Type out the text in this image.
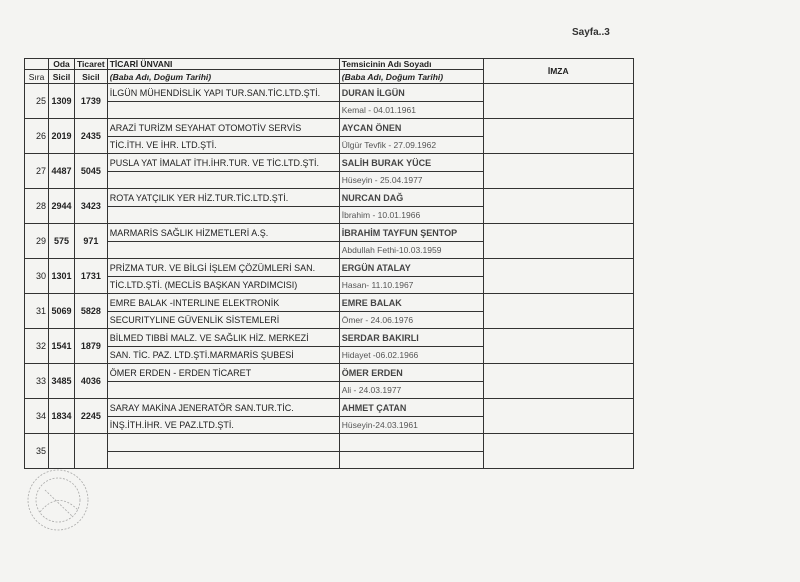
Sayfa..3
	Oda	Ticaret	TİCARİ ÜNVANI	Temsicinin Adı Soyadı	İMZA
Sıra	Sicil	Sicil	(Baba Adı, Doğum Tarihi)	(Baba Adı, Doğum Tarihi)	
25	1309	1739	İLGÜN MÜHENDİSLİK YAPI TUR.SAN.TİC.LTD.ŞTİ.	DURAN İLGÜN	
				Kemal - 04.01.1961	
26	2019	2435	ARAZİ TURİZM SEYAHAT OTOMOTİV SERVİS	AYCAN ÖNEN	
			TİC.İTH. VE İHR. LTD.ŞTİ.	Ülgür Tevfik - 27.09.1962	
27	4487	5045	PUSLA YAT İMALAT İTH.İHR.TUR. VE TİC.LTD.ŞTİ.	SALİH BURAK YÜCE	
				Hüseyin - 25.04.1977	
28	2944	3423	ROTA YATÇILIK YER HİZ.TUR.TİC.LTD.ŞTİ.	NURCAN DAĞ	
				İbrahim - 10.01.1966	
29	575	971	MARMARİS SAĞLIK HİZMETLERİ A.Ş.	İBRAHİM TAYFUN ŞENTOP	
				Abdullah Fethi-10.03.1959	
30	1301	1731	PRİZMA TUR. VE BİLGİ İŞLEM ÇÖZÜMLERİ SAN.	ERGÜN ATALAY	
			TİC.LTD.ŞTİ. (MECLİS BAŞKAN YARDIMCISI)	Hasan- 11.10.1967	
31	5069	5828	EMRE BALAK -INTERLINE ELEKTRONİK	EMRE BALAK	
			SECURITYLINE GÜVENLİK SİSTEMLERİ	Ömer - 24.06.1976	
32	1541	1879	BİLMED TIBBİ MALZ. VE SAĞLIK HİZ. MERKEZİ	SERDAR BAKIRLI	
			SAN. TİC. PAZ. LTD.ŞTİ.MARMARİS ŞUBESİ	Hidayet -06.02.1966	
33	3485	4036	ÖMER ERDEN - ERDEN TİCARET	ÖMER ERDEN	
				Ali - 24.03.1977	
34	1834	2245	SARAY MAKİNA JENERATÖR SAN.TUR.TİC.	AHMET ÇATAN	
			İNŞ.İTH.İHR. VE PAZ.LTD.ŞTİ.	Hüseyin-24.03.1961	
35					
